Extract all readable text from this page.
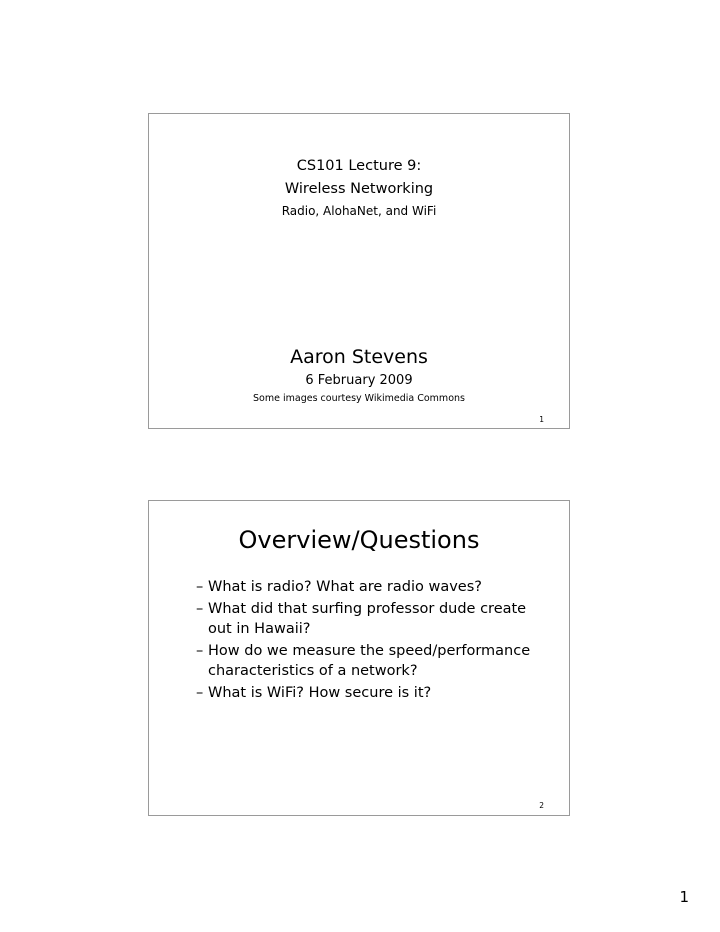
CS101 Lecture 9:
Wireless Networking
Radio, AlohaNet, and WiFi
Aaron Stevens
6 February 2009
Some images courtesy Wikimedia Commons
1
Overview/Questions
– What is radio? What are radio waves?
– What did that surfing professor dude create out in Hawaii?
– How do we measure the speed/performance characteristics of a network?
– What is WiFi? How secure is it?
2
1
